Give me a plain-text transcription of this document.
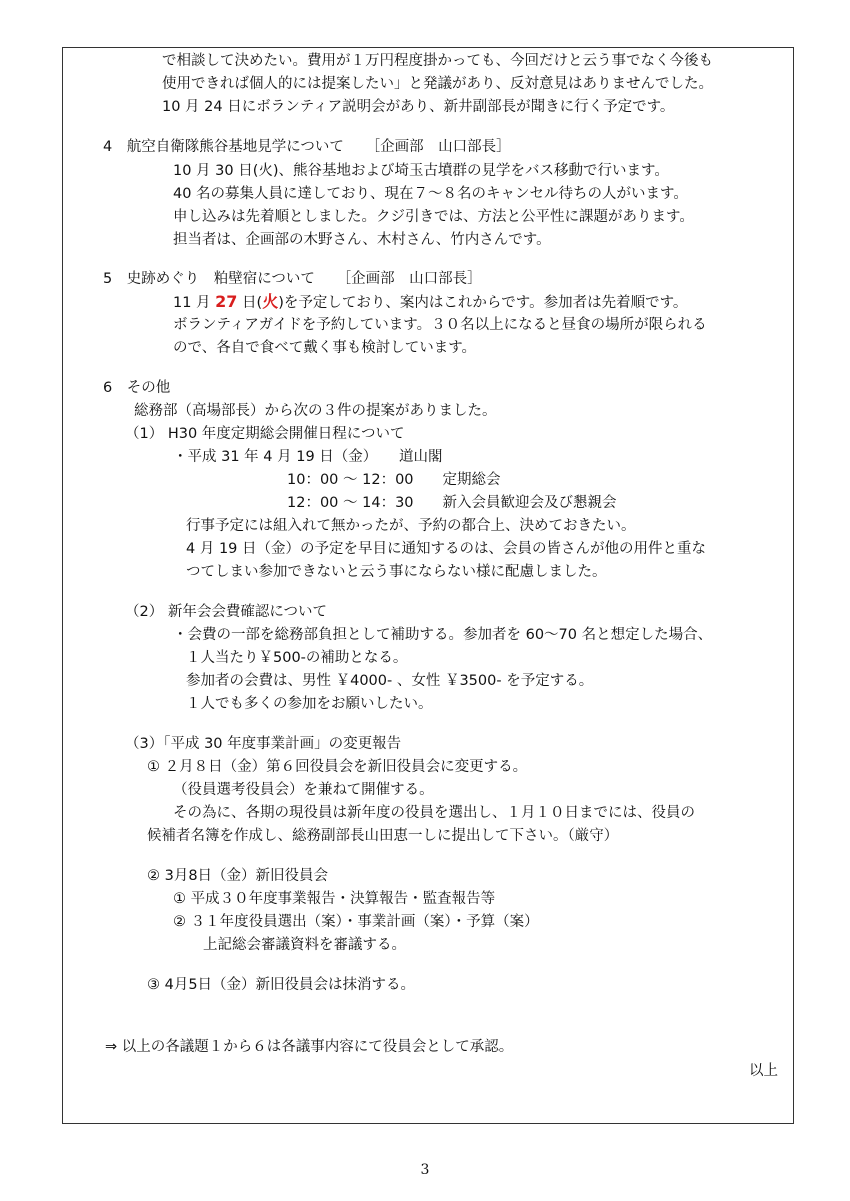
で相談して決めたい。費用が１万円程度掛かっても、今回だけと云う事でなく今後も
使用できれば個人的には提案したい」と発議があり、反対意見はありませんでした。
10 月 24 日にボランティア説明会があり、新井副部長が聞きに行く予定です。
4　航空自衛隊熊谷基地見学について　　［企画部　山口部長］
10 月 30 日(火)、熊谷基地および埼玉古墳群の見学をバス移動で行います。
40 名の募集人員に達しており、現在７～８名のキャンセル待ちの人がいます。
申し込みは先着順としました。クジ引きでは、方法と公平性に課題があります。
担当者は、企画部の木野さん、木村さん、竹内さんです。
5　史跡めぐり　粕壁宿について　　［企画部　山口部長］
11 月 27 日(火)を予定しており、案内はこれからです。参加者は先着順です。
ボランティアガイドを予約しています。３０名以上になると昼食の場所が限られる
ので、各自で食べて戴く事も検討しています。
6　その他
総務部（高場部長）から次の３件の提案がありました。
（1） H30 年度定期総会開催日程について
・平成 31 年 4 月 19 日（金）　　道山閣
10：00 ～ 12：00　　定期総会
12：00 ～ 14：30　　新入会員歓迎会及び懇親会
行事予定には組入れて無かったが、予約の都合上、決めておきたい。
4 月 19 日（金）の予定を早目に通知するのは、会員の皆さんが他の用件と重な
つてしまい参加できないと云う事にならない様に配慮しました。
（2） 新年会会費確認について
・会費の一部を総務部負担として補助する。参加者を 60～70 名と想定した場合、
１人当たり￥500-の補助となる。
参加者の会費は、男性 ￥4000- 、女性 ￥3500- を予定する。
１人でも多くの参加をお願いしたい。
（3）「平成 30 年度事業計画」の変更報告
① ２月８日（金）第６回役員会を新旧役員会に変更する。
（役員選考役員会）を兼ねて開催する。
その為に、各期の現役員は新年度の役員を選出し、１月１０日までには、役員の
候補者名簿を作成し、総務副部長山田恵一しに提出して下さい。（厳守）
② 3月8日（金）新旧役員会
① 平成３０年度事業報告・決算報告・監査報告等
② ３１年度役員選出（案）・事業計画（案）・予算（案）
上記総会審議資料を審議する。
③ 4月5日（金）新旧役員会は抹消する。
⇒ 以上の各議題１から６は各議事内容にて役員会として承認。
以上
3
